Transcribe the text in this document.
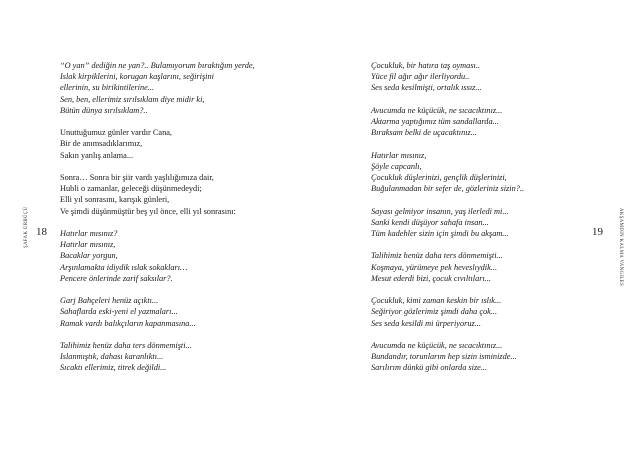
ŞAFAK ÜRBÜÇÜ 18
“O yan” dediğin ne yan?.. Bulamıyorum bıraktığım yerde,
Islak kirpiklerini, korugan kaşlarını, seğirişini
ellerinin, su birikintilerine...
Sen, ben, ellerimiz sırılsıklam diye midir ki,
Bütün dünya sırılsıklam?..
Unuttuğumuz günler vardır Cana,
Bir de anımsadıklarımız,
Sakın yanlış anlama...
Sonra… Sonra bir şiir vardı yaşlılığımıza dair,
Hubli o zamanlar, geleceği düşünmedeydi;
Elli yıl sonrasını, karışık günleri,
Ve şimdi düşünmüştür beş yıl önce, elli yıl sonrasını:
Hatırlar mısınız?
Hatırlar mısınız,
Bacaklar yorgun,
Arşınlamakta idiydik ıslak sokakları…
Pencere önlerinde zarif saksılar?.
Garj Bahçeleri henüz açıktı...
Sahaflarda eski-yeni el yazmaları...
Ramak vardı balıkçıların kapanmasına...
Talihimiz henüz daha ters dönmemişti...
Islanmıştık, dahası karanlıktı...
Sıcaktı ellerimiz, titrek değildi...
AKŞAMDIN KALMA VANGILES
19
Çocukluk, bir hatıra taş oyması..
Yüce fil ağır ağır ilerliyordu..
Ses seda kesilmişti, ortalık ıssız...
Avucumda ne küçücük, ne sıcacıktınız...
Aktarma yaptığımız tüm sandallarda...
Bıraksam belki de uçacaktınız...
Hatırlar mısınız,
Şöyle capcanlı,
Çocukluk düşlerinizi, gençlik düşlerinizi,
Buğulanmadan bir sefer de, gözleriniz sizin?..
Sayası gelmiyor insanın, yaş ilerledi mi...
Sanki kendi düşüyor sahafa insan...
Tüm kadehler sizin için şimdi bu akşam...
Talihimiz henüz daha ters dönmemişti...
Koşmaya, yürümeye pek heveslıydik...
Mesut ederdi bizi, çocuk cıvıltıları...
Çocukluk, kimi zaman keskin bir ıslık...
Seğiriyor gözlerimiz şimdi daha çok...
Ses seda kesildi mi ürperiyoruz...
Avucumda ne küçücük, ne sıcacıktınız...
Bundandır, torunlarım hep sizin isminizde...
Sarılırım dünkü gibi onlarda size...
